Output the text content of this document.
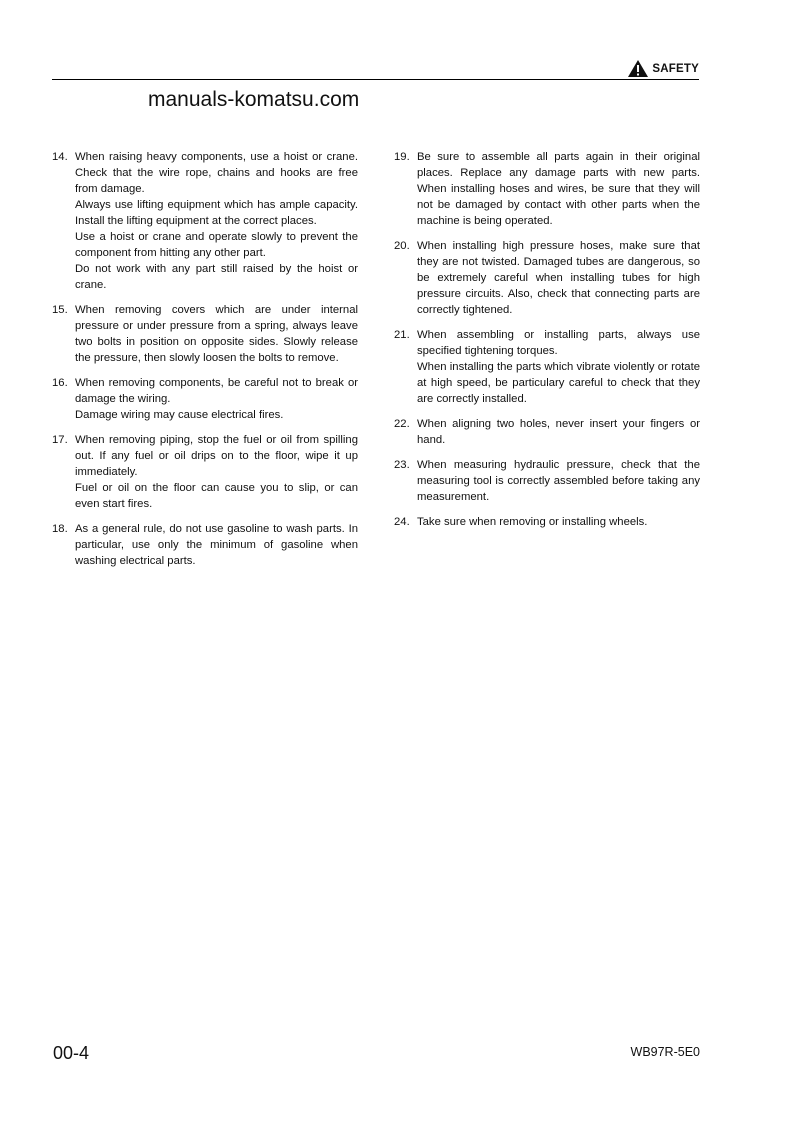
SAFETY
manuals-komatsu.com
14. When raising heavy components, use a hoist or crane. Check that the wire rope, chains and hooks are free from damage.

Always use lifting equipment which has ample capacity. Install the lifting equipment at the correct places.

Use a hoist or crane and operate slowly to prevent the component from hitting any other part.

Do not work with any part still raised by the hoist or crane.

15. When removing covers which are under internal pressure or under pressure from a spring, always leave two bolts in position on opposite sides. Slowly release the pressure, then slowly loosen the bolts to remove.

16. When removing components, be careful not to break or damage the wiring.

Damage wiring may cause electrical fires.

17. When removing piping, stop the fuel or oil from spilling out. If any fuel or oil drips on to the floor, wipe it up immediately.

Fuel or oil on the floor can cause you to slip, or can even start fires.

18. As a general rule, do not use gasoline to wash parts. In particular, use only the minimum of gasoline when washing electrical parts.

19. Be sure to assemble all parts again in their original places. Replace any damage parts with new parts. When installing hoses and wires, be sure that they will not be damaged by contact with other parts when the machine is being operated.

20. When installing high pressure hoses, make sure that they are not twisted. Damaged tubes are dangerous, so be extremely careful when installing tubes for high pressure circuits. Also, check that connecting parts are correctly tightened.

21. When assembling or installing parts, always use specified tightening torques.

When installing the parts which vibrate violently or rotate at high speed, be particulary careful to check that they are correctly installed.

22. When aligning two holes, never insert your fingers or hand.

23. When measuring hydraulic pressure, check that the measuring tool is correctly assembled before taking any measurement.

24. Take sure when removing or installing wheels.

00-4	WB97R-5E0
